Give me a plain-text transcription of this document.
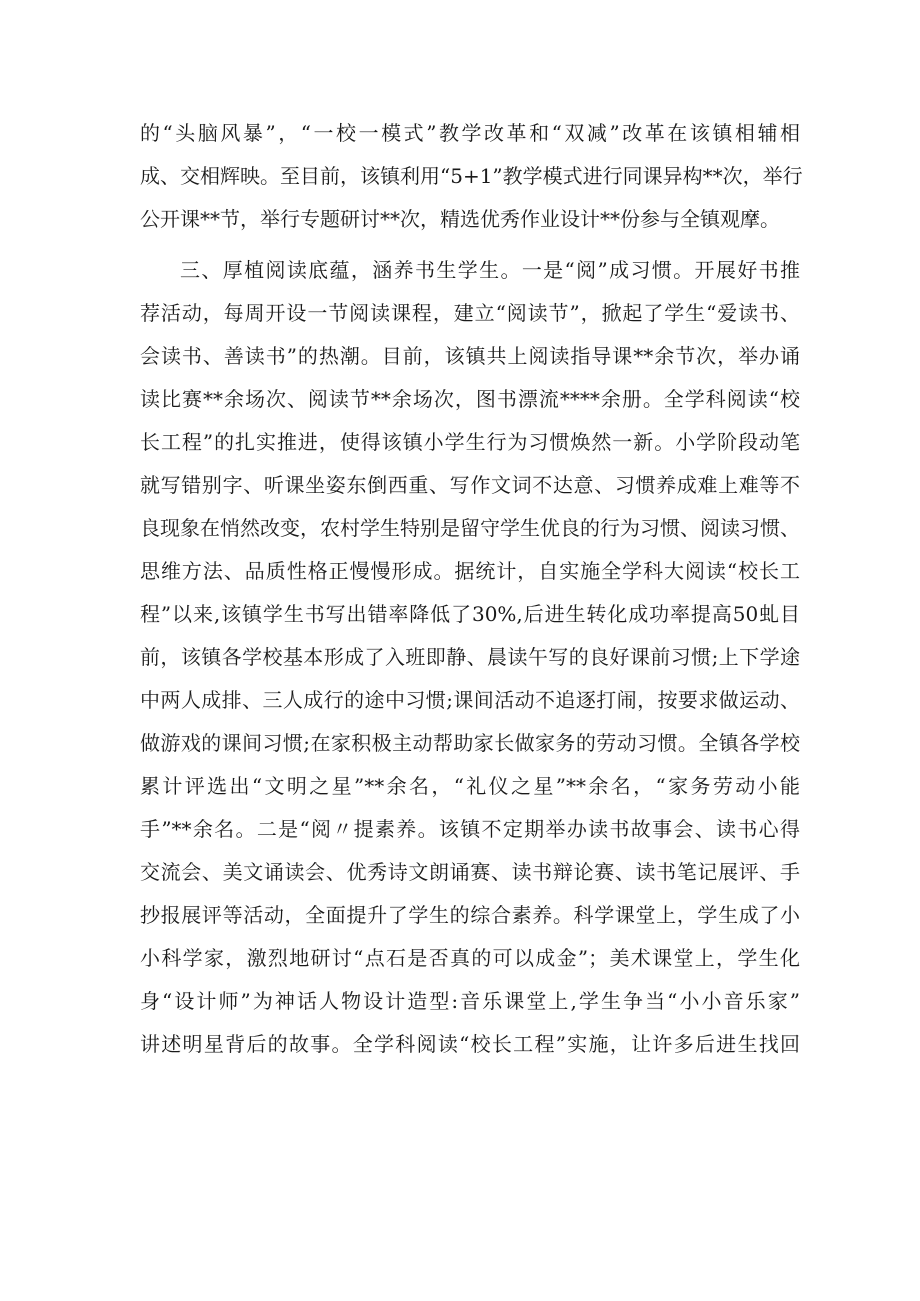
的“头脑风暴”，“一校一模式”教学改革和“双减”改革在该镇相辅相
成、交相辉映。至目前，该镇利用“5+1”教学模式进行同课异构**次，举行
公开课**节，举行专题研讨**次，精选优秀作业设计**份参与全镇观摩。
三、厚植阅读底蕴，涵养书生学生。一是“阅”成习惯。开展好书推
荐活动，每周开设一节阅读课程，建立“阅读节”，掀起了学生“爱读书、
会读书、善读书”的热潮。目前，该镇共上阅读指导课**余节次，举办诵
读比赛**余场次、阅读节**余场次，图书漂流****余册。全学科阅读“校
长工程”的扎实推进，使得该镇小学生行为习惯焕然一新。小学阶段动笔
就写错别字、听课坐姿东倒西重、写作文词不达意、习惯养成难上难等不
良现象在悄然改变，农村学生特别是留守学生优良的行为习惯、阅读习惯、
思维方法、品质性格正慢慢形成。据统计，自实施全学科大阅读“校长工
程”以来,该镇学生书写出错率降低了30%,后进生转化成功率提高50虬目
前，该镇各学校基本形成了入班即静、晨读午写的良好课前习惯;上下学途
中两人成排、三人成行的途中习惯;课间活动不追逐打闹，按要求做运动、
做游戏的课间习惯;在家积极主动帮助家长做家务的劳动习惯。全镇各学校
累计评选出“文明之星”**余名，“礼仪之星”**余名，“家务劳动小能
手”**余名。二是“阅〃提素养。该镇不定期举办读书故事会、读书心得
交流会、美文诵读会、优秀诗文朗诵赛、读书辩论赛、读书笔记展评、手
抄报展评等活动，全面提升了学生的综合素养。科学课堂上，学生成了小
小科学家，激烈地研讨“点石是否真的可以成金”；美术课堂上，学生化
身“设计师”为神话人物设计造型:音乐课堂上,学生争当“小小音乐家”
讲述明星背后的故事。全学科阅读“校长工程”实施，让许多后进生找回
